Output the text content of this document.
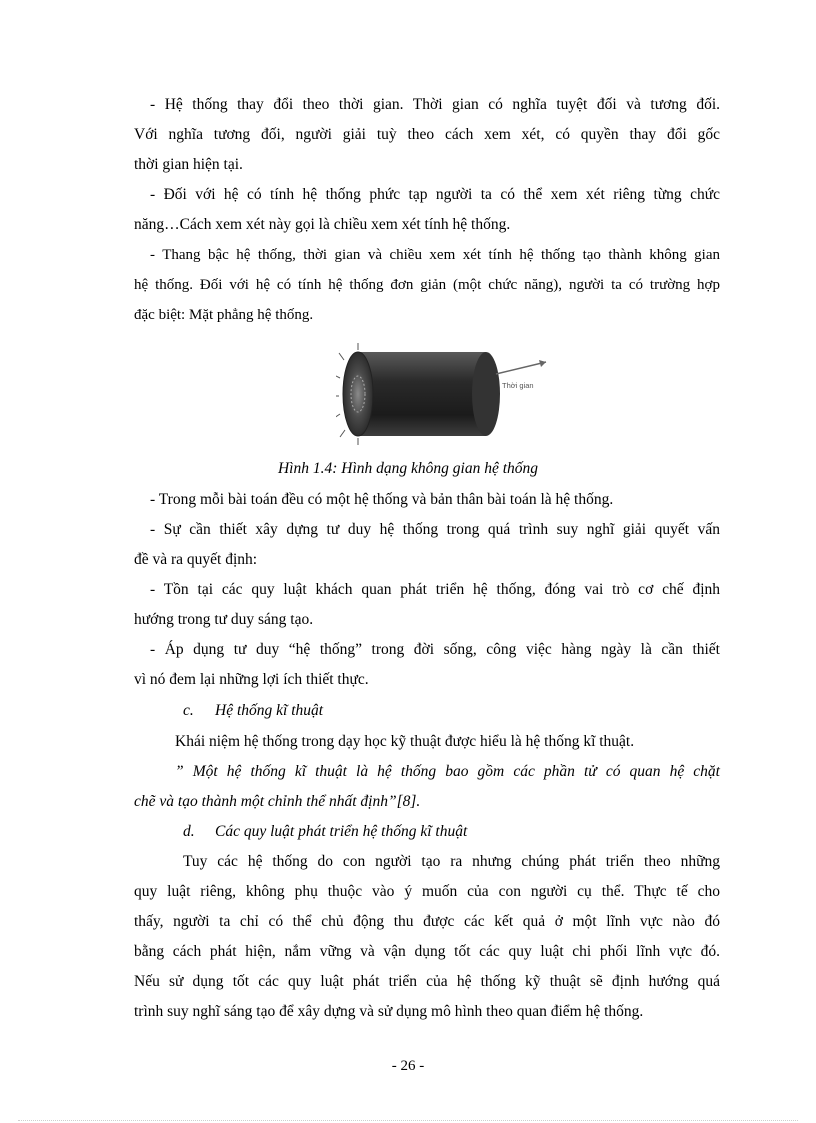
- Hệ thống thay đổi theo thời gian. Thời gian có nghĩa tuyệt đối và tương đối.
Với nghĩa tương đối, người giải tuỳ theo cách xem xét, có quyền thay đổi gốc
thời gian hiện tại.
- Đối với hệ có tính hệ thống phức tạp người ta có thể xem xét riêng từng chức
năng…Cách xem xét này gọi là chiều xem xét tính hệ thống.
- Thang bậc hệ thống, thời gian và chiều xem xét tính hệ thống tạo thành không gian
hệ thống. Đối với hệ có tính hệ thống đơn giản (một chức năng), người ta có trường hợp
đặc biệt: Mặt phẳng hệ thống.
Thời gian
Hình 1.4: Hình dạng không gian hệ thống
- Trong mỗi bài toán đều có một hệ thống và bản thân bài toán là hệ thống.
- Sự cần thiết xây dựng tư duy hệ thống trong quá trình suy nghĩ giải quyết vấn
đề và ra quyết định:
- Tồn tại các quy luật khách quan phát triển hệ thống, đóng vai trò cơ chế định
hướng trong tư duy sáng tạo.
- Áp dụng tư duy “hệ thống” trong đời sống, công việc hàng ngày là cần thiết
vì nó đem lại những lợi ích thiết thực.
c. Hệ thống kĩ thuật
Khái niệm hệ thống trong dạy học kỹ thuật được hiểu là hệ thống kĩ thuật.
” Một hệ thống kĩ thuật là hệ thống bao gồm các phần tử có quan hệ chặt
chẽ và tạo thành một chỉnh thể nhất định”[8].
d. Các quy luật phát triển hệ thống kĩ thuật
Tuy các hệ thống do con người tạo ra nhưng chúng phát triển theo những
quy luật riêng, không phụ thuộc vào ý muốn của con người cụ thể. Thực tế cho
thấy, người ta chỉ có thể chủ động thu được các kết quả ở một lĩnh vực nào đó
bằng cách phát hiện, nắm vững và vận dụng tốt các quy luật chi phối lĩnh vực đó.
Nếu sử dụng tốt các quy luật phát triển của hệ thống kỹ thuật sẽ định hướng quá
trình suy nghĩ sáng tạo để xây dựng và sử dụng mô hình theo quan điểm hệ thống.
- 26 -
